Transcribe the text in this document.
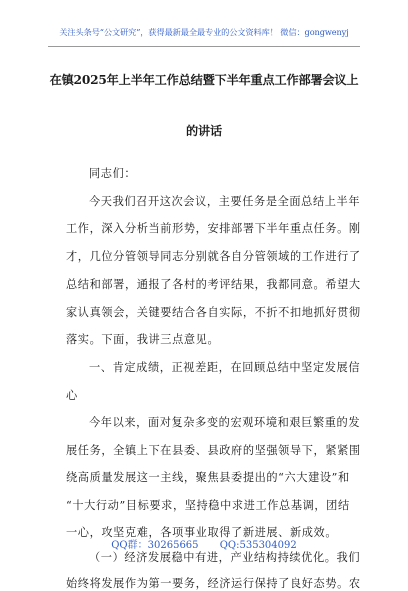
关注头条号“公文研究”，获得最新最全最专业的公文资料库！ 微信：gongwenyj
在镇2025年上半年工作总结暨下半年重点工作部署会议上
的讲话
同志们：
今天我们召开这次会议，主要任务是全面总结上半年
工作，深入分析当前形势，安排部署下半年重点任务。刚
才，几位分管领导同志分别就各自分管领域的工作进行了
总结和部署，通报了各村的考评结果，我都同意。希望大
家认真领会，关键要结合各自实际，不折不扣地抓好贯彻
落实。下面，我讲三点意见。
一、肯定成绩，正视差距，在回顾总结中坚定发展信
心
今年以来，面对复杂多变的宏观环境和艰巨繁重的发
展任务，全镇上下在县委、县政府的坚强领导下，紧紧围
绕高质量发展这一主线，聚焦县委提出的“六大建设”和
“十大行动”目标要求，坚持稳中求进工作总基调，团结
一心，攻坚克难，各项事业取得了新进展、新成效。
（一）经济发展稳中有进，产业结构持续优化。我们
始终将发展作为第一要务，经济运行保持了良好态势。农
QQ群：30265665 QQ:535304092
